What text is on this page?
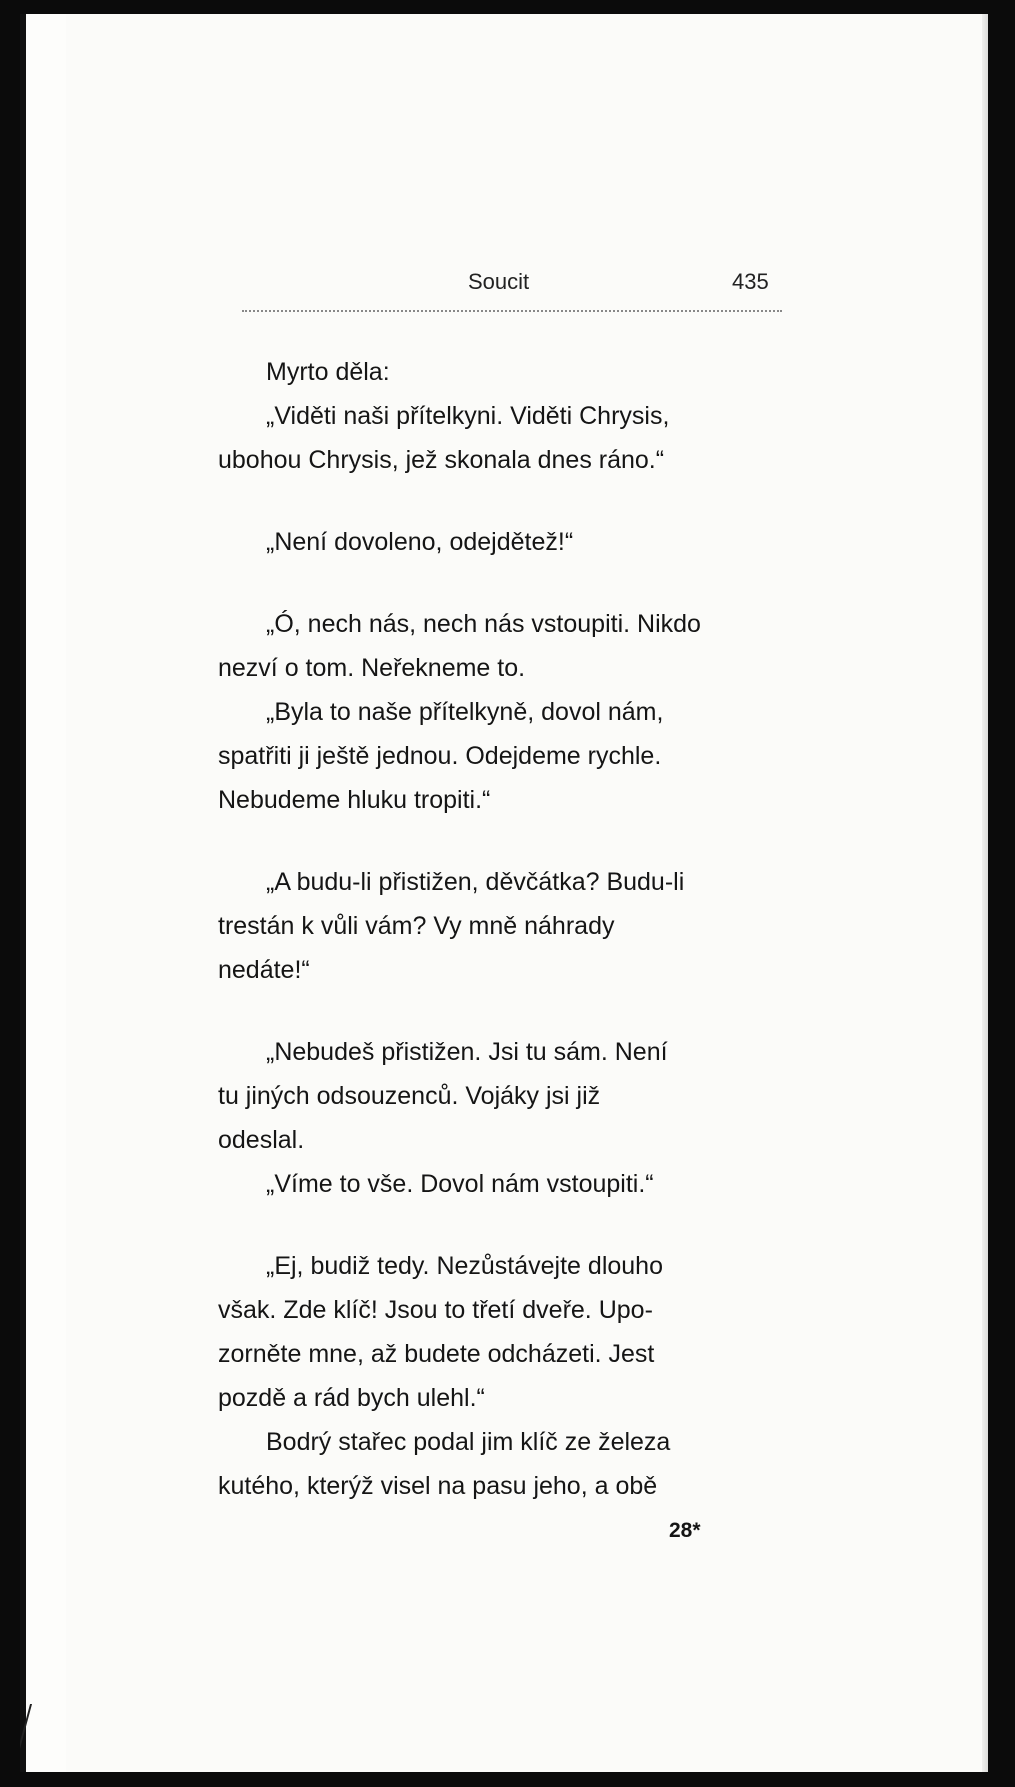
Soucit	435
Myrto děla:
„Viděti naši přítelkyni. Viděti Chrysis,
ubohou Chrysis, jež skonala dnes ráno.“
„Není dovoleno, odejdětež!“
„Ó, nech nás, nech nás vstoupiti. Nikdo
nezví o tom. Neřekneme to.
„Byla to naše přítelkyně, dovol nám,
spatřiti ji ještě jednou. Odejdeme rychle.
Nebudeme hluku tropiti.“
„A budu-li přistižen, děvčátka? Budu-li
trestán k vůli vám? Vy mně náhrady
nedáte!“
„Nebudeš přistižen. Jsi tu sám. Není
tu jiných odsouzenců. Vojáky jsi již
odeslal.
„Víme to vše. Dovol nám vstoupiti.“
„Ej, budiž tedy. Nezůstávejte dlouho
však. Zde klíč! Jsou to třetí dveře. Upo-
zorněte mne, až budete odcházeti. Jest
pozdě a rád bych ulehl.“
Bodrý stařec podal jim klíč ze železa
kutého, kterýž visel na pasu jeho, a obě
28*
